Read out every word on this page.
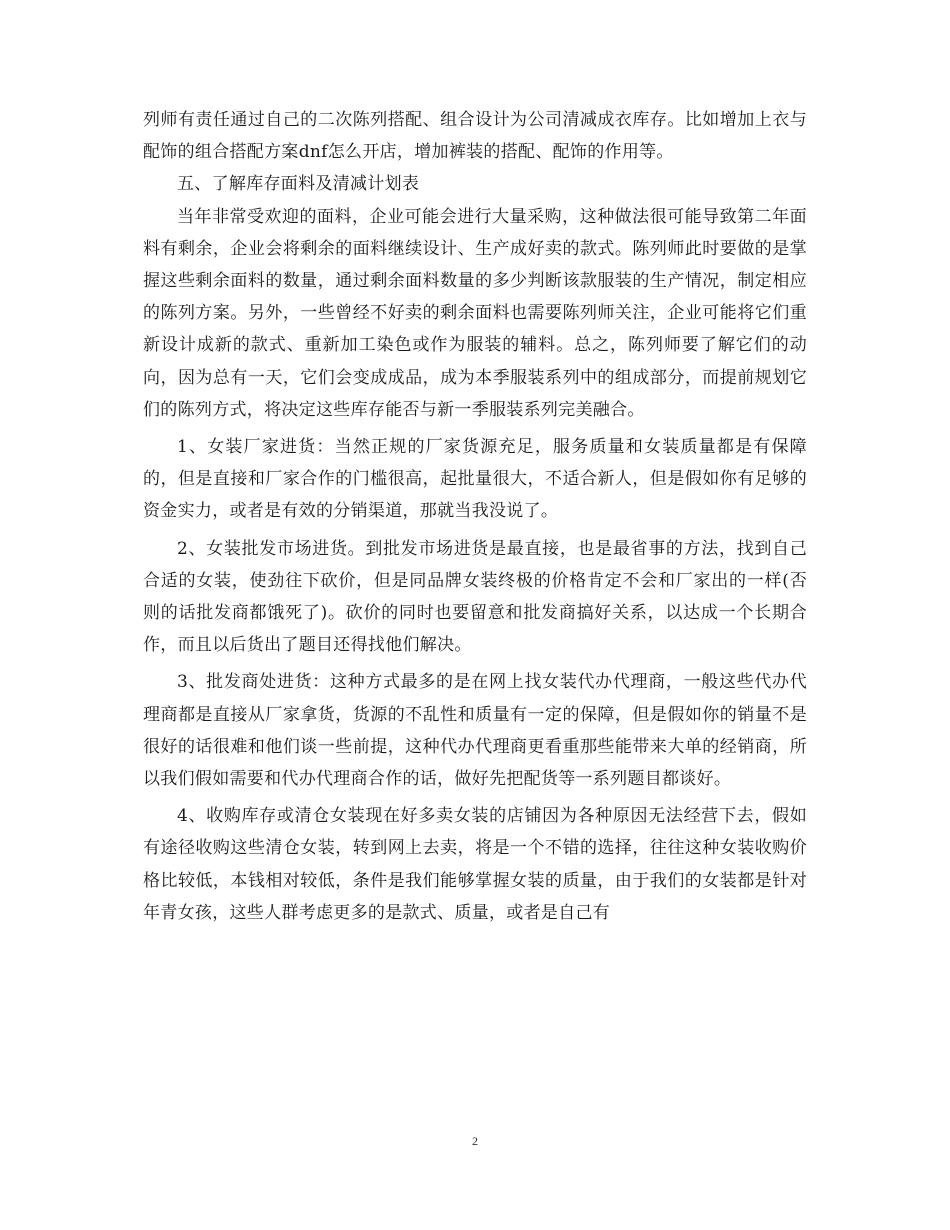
列师有责任通过自己的二次陈列搭配、组合设计为公司清减成衣库存。比如增加上衣与配饰的组合搭配方案dnf怎么开店，增加裤装的搭配、配饰的作用等。

五、了解库存面料及清减计划表

当年非常受欢迎的面料，企业可能会进行大量采购，这种做法很可能导致第二年面料有剩余，企业会将剩余的面料继续设计、生产成好卖的款式。陈列师此时要做的是掌握这些剩余面料的数量，通过剩余面料数量的多少判断该款服装的生产情况，制定相应的陈列方案。另外，一些曾经不好卖的剩余面料也需要陈列师关注，企业可能将它们重新设计成新的款式、重新加工染色或作为服装的辅料。总之，陈列师要了解它们的动向，因为总有一天，它们会变成成品，成为本季服装系列中的组成部分，而提前规划它们的陈列方式，将决定这些库存能否与新一季服装系列完美融合。

1、女装厂家进货：当然正规的厂家货源充足，服务质量和女装质量都是有保障的，但是直接和厂家合作的门槛很高，起批量很大，不适合新人，但是假如你有足够的资金实力，或者是有效的分销渠道，那就当我没说了。

2、女装批发市场进货。到批发市场进货是最直接，也是最省事的方法，找到自己合适的女装，使劲往下砍价，但是同品牌女装终极的价格肯定不会和厂家出的一样(否则的话批发商都饿死了)。砍价的同时也要留意和批发商搞好关系，以达成一个长期合作，而且以后货出了题目还得找他们解决。

3、批发商处进货：这种方式最多的是在网上找女装代办代理商，一般这些代办代理商都是直接从厂家拿货，货源的不乱性和质量有一定的保障，但是假如你的销量不是很好的话很难和他们谈一些前提，这种代办代理商更看重那些能带来大单的经销商，所以我们假如需要和代办代理商合作的话，做好先把配货等一系列题目都谈好。

4、收购库存或清仓女装现在好多卖女装的店铺因为各种原因无法经营下去，假如有途径收购这些清仓女装，转到网上去卖，将是一个不错的选择，往往这种女装收购价格比较低，本钱相对较低，条件是我们能够掌握女装的质量，由于我们的女装都是针对年青女孩，这些人群考虑更多的是款式、质量，或者是自己有

2
